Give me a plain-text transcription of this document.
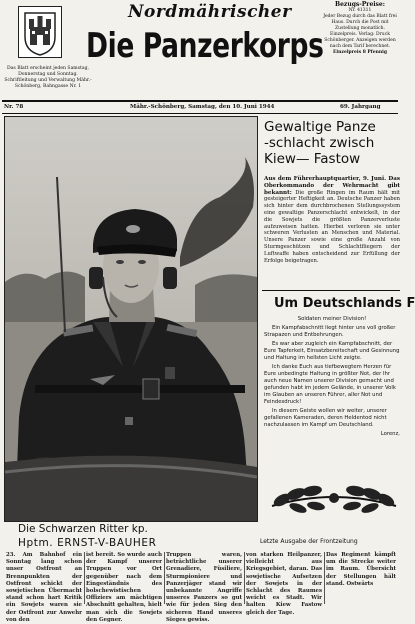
Nordmährischer
Die Panzerkorps
Das Blatt erscheint jeden Samstag, Donnerstag und Sonntag. Schriftleitung und Verwaltung Mähr.-Schönberg, Bahngasse Nr. 1
Bezugs-Preise:
Nr. 41311
Jeder Bezug durch das Blatt frei Haus. Durch die Post mit Zustellung monatlich. Einzelpreis. Verlag: Druck Schönberger. Anzeigen werden nach dem Tarif berechnet.
Einzelpreis 8 Pfennig
Nr. 78	Mähr.-Schönberg, Samstag, den 10. Juni 1944	69. Jahrgang
Die Schwarzen Ritter kp.
Hptm. ERNST-V-BAUHER
Gewaltige Panze
-schlacht zwisch
Kiew— Fastow
Aus dem Führerhauptquartier, 9. Juni. Das Oberkommando der Wehrmacht gibt bekannt: Die große Ringen im Raum hält mit gesteigerter Heftigkeit an. Deutsche Panzer haben sich hinter dem durchbrochenen Stellungssystem eine gewaltige Panzerschlacht entwickelt, in der die Sowjets die größten Panzerverluste aufzuweisen hatten. Hierbei verloren sie unter schweren Verlusten an Menschen und Material. Unsere Panzer sowie eine große Anzahl von Sturmgeschützen und Schlachtfliegern der Luftwaffe haben entscheidend zur Erfüllung der Erfolge beigetragen.
Um Deutschlands F

Soldaten meiner Division!

Ein Kampfabschnitt liegt hinter uns voll großer Strapazen und Entbehrungen.

Es war aber zugleich ein Kampfabschnitt, der Eure Tapferkeit, Einsatzbereitschaft und Gesinnung und Haltung im hellsten Licht zeigte.

Ich danke Euch aus tiefbewegtem Herzen für Eure unbedingte Haltung in größter Not, der Ihr auch neue Namen unserer Division gemacht und gefunden habt im jedem Gelände, in unserer Volk im Glauben an unseren Führer, aller Not und Feindesdruck!

In diesem Geiste wollen wir weiter, unserer gefallenen Kameraden, deren Heldentod nicht nachzulassen im Kampf um Deutschland.

Lorenz,

Letzte Ausgabe der Frontzeitung
23. Am Bahnhof ein Sonntag lang schon unser Ostfront an Brennpunkten der Ostfront schickt der sowjetischen Übermacht stand schon hart Kritik ein Sowjets waren sie der Ostfront zur Anwehr von den
ist bereit. So wurde auch der Kampf unserer Truppen vor Ort gegenüber nach dem Eingeständnis des bolschewistischen Offiziers am mächtigen Abschnitt gehalten, hielt man sich die Sowjets den Gegner.
Truppen waren, beträchtliche unserer Grenadiere, Füsiliere, Sturmpioniere und Panzerjäger stand wir unbekannte Angriffe unseres Panzers so gut wie für jeden Sieg den sicheren Hand unseres Sieges gewiss.
von starken Heilpanzer, vielleicht aus Kriegsgebiet, daran. Das sowjetische Aufsetzen der Sowjets in der Schlacht des Raumes weicht es Stadt. Wir halten Kiew Fastow gleich der Tage.
Das Regiment kämpft um die Strecke weiter im Raum. Übersicht der Stellungen hält stand. Ostwärts
